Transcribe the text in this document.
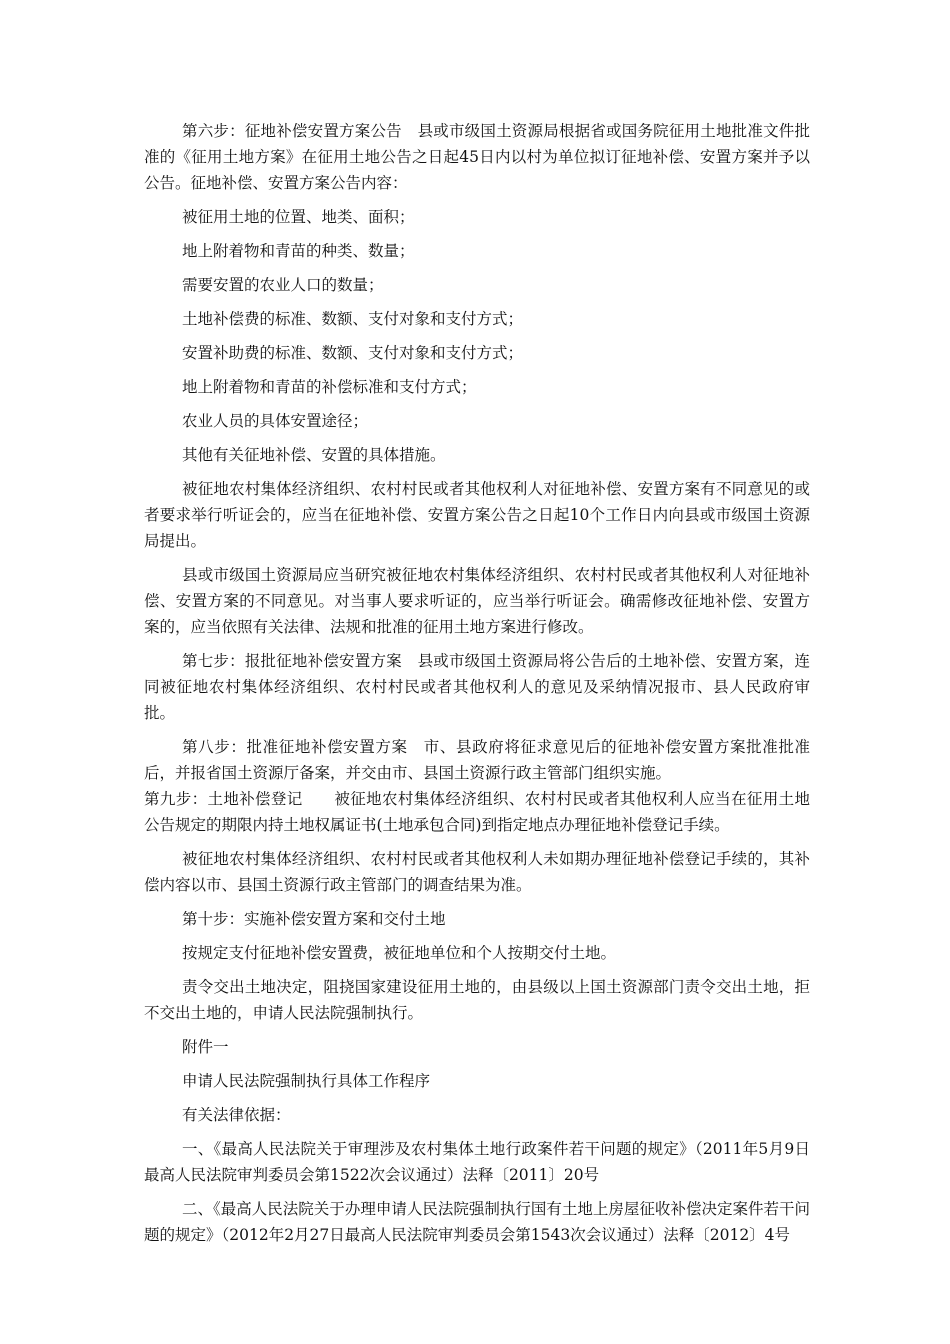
第六步：征地补偿安置方案公告　县或市级国土资源局根据省或国务院征用土地批准文件批准的《征用土地方案》在征用土地公告之日起45日内以村为单位拟订征地补偿、安置方案并予以公告。征地补偿、安置方案公告内容：

被征用土地的位置、地类、面积；

地上附着物和青苗的种类、数量；

需要安置的农业人口的数量；

土地补偿费的标准、数额、支付对象和支付方式；

安置补助费的标准、数额、支付对象和支付方式；

地上附着物和青苗的补偿标准和支付方式；

农业人员的具体安置途径；

其他有关征地补偿、安置的具体措施。

被征地农村集体经济组织、农村村民或者其他权利人对征地补偿、安置方案有不同意见的或者要求举行听证会的，应当在征地补偿、安置方案公告之日起10个工作日内向县或市级国土资源局提出。

县或市级国土资源局应当研究被征地农村集体经济组织、农村村民或者其他权利人对征地补偿、安置方案的不同意见。对当事人要求听证的，应当举行听证会。确需修改征地补偿、安置方案的，应当依照有关法律、法规和批准的征用土地方案进行修改。

第七步：报批征地补偿安置方案　县或市级国土资源局将公告后的土地补偿、安置方案，连同被征地农村集体经济组织、农村村民或者其他权利人的意见及采纳情况报市、县人民政府审批。

第八步：批准征地补偿安置方案　市、县政府将征求意见后的征地补偿安置方案批准批准后，并报省国土资源厅备案，并交由市、县国土资源行政主管部门组织实施。

第九步：土地补偿登记　　被征地农村集体经济组织、农村村民或者其他权利人应当在征用土地公告规定的期限内持土地权属证书(土地承包合同)到指定地点办理征地补偿登记手续。

被征地农村集体经济组织、农村村民或者其他权利人未如期办理征地补偿登记手续的，其补偿内容以市、县国土资源行政主管部门的调查结果为准。

第十步：实施补偿安置方案和交付土地

按规定支付征地补偿安置费，被征地单位和个人按期交付土地。

责令交出土地决定，阻挠国家建设征用土地的，由县级以上国土资源部门责令交出土地，拒不交出土地的，申请人民法院强制执行。

附件一

申请人民法院强制执行具体工作程序

有关法律依据：

一、《最高人民法院关于审理涉及农村集体土地行政案件若干问题的规定》（2011年5月9日最高人民法院审判委员会第1522次会议通过）法释〔2011〕20号

二、《最高人民法院关于办理申请人民法院强制执行国有土地上房屋征收补偿决定案件若干问题的规定》（2012年2月27日最高人民法院审判委员会第1543次会议通过）法释〔2012〕4号
